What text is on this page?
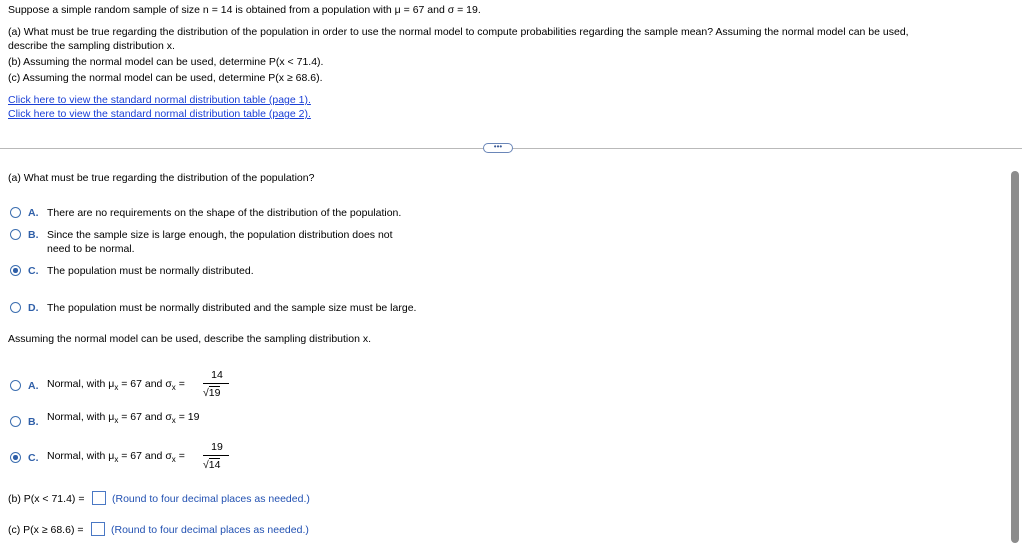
Suppose a simple random sample of size n = 14 is obtained from a population with μ = 67 and σ = 19.
(a) What must be true regarding the distribution of the population in order to use the normal model to compute probabilities regarding the sample mean? Assuming the normal model can be used,
describe the sampling distribution x.
(b) Assuming the normal model can be used, determine P(x < 71.4).
(c) Assuming the normal model can be used, determine P(x ≥ 68.6).
Click here to view the standard normal distribution table (page 1).
Click here to view the standard normal distribution table (page 2).
•••
(a) What must be true regarding the distribution of the population?
A. There are no requirements on the shape of the distribution of the population.
B. Since the sample size is large enough, the population distribution does not
need to be normal.
C. The population must be normally distributed.
D. The population must be normally distributed and the sample size must be large.
Assuming the normal model can be used, describe the sampling distribution x.
A. Normal, with $\mu_x = 67$ and $\sigma_x$ =
14
√19
B. Normal, with $\mu_x = 67$ and $\sigma_x = 19$
C. Normal, with $\mu_x = 67$ and $\sigma_x$ =
19
√14
(b) P(x < 71.4) =	(Round to four decimal places as needed.)
(c) P(x ≥ 68.6) =	(Round to four decimal places as needed.)
